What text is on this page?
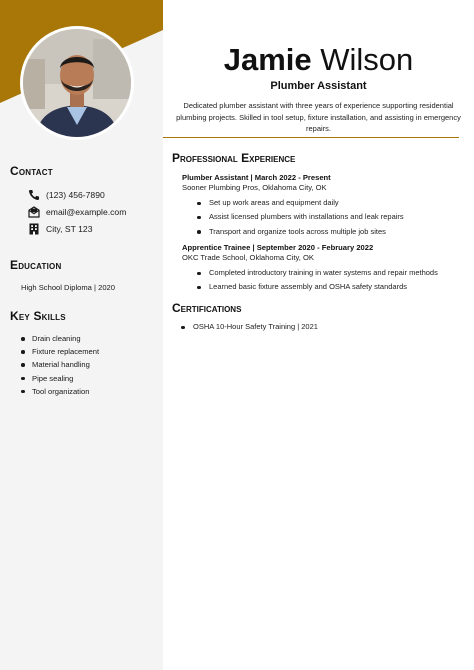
Contact
(123) 456-7890
email@example.com
City, ST 123
Education
High School Diploma | 2020
Key Skills
Drain cleaning
Fixture replacement
Material handling
Pipe sealing
Tool organization
Jamie Wilson
Plumber Assistant
Dedicated plumber assistant with three years of experience supporting residential plumbing projects. Skilled in tool setup, fixture installation, and assisting in emergency repairs.
Professional Experience
Plumber Assistant | March 2022 - Present
Sooner Plumbing Pros, Oklahoma City, OK
Set up work areas and equipment daily
Assist licensed plumbers with installations and leak repairs
Transport and organize tools across multiple job sites
Apprentice Trainee | September 2020 - February 2022
OKC Trade School, Oklahoma City, OK
Completed introductory training in water systems and repair methods
Learned basic fixture assembly and OSHA safety standards
Certifications
OSHA 10-Hour Safety Training | 2021
